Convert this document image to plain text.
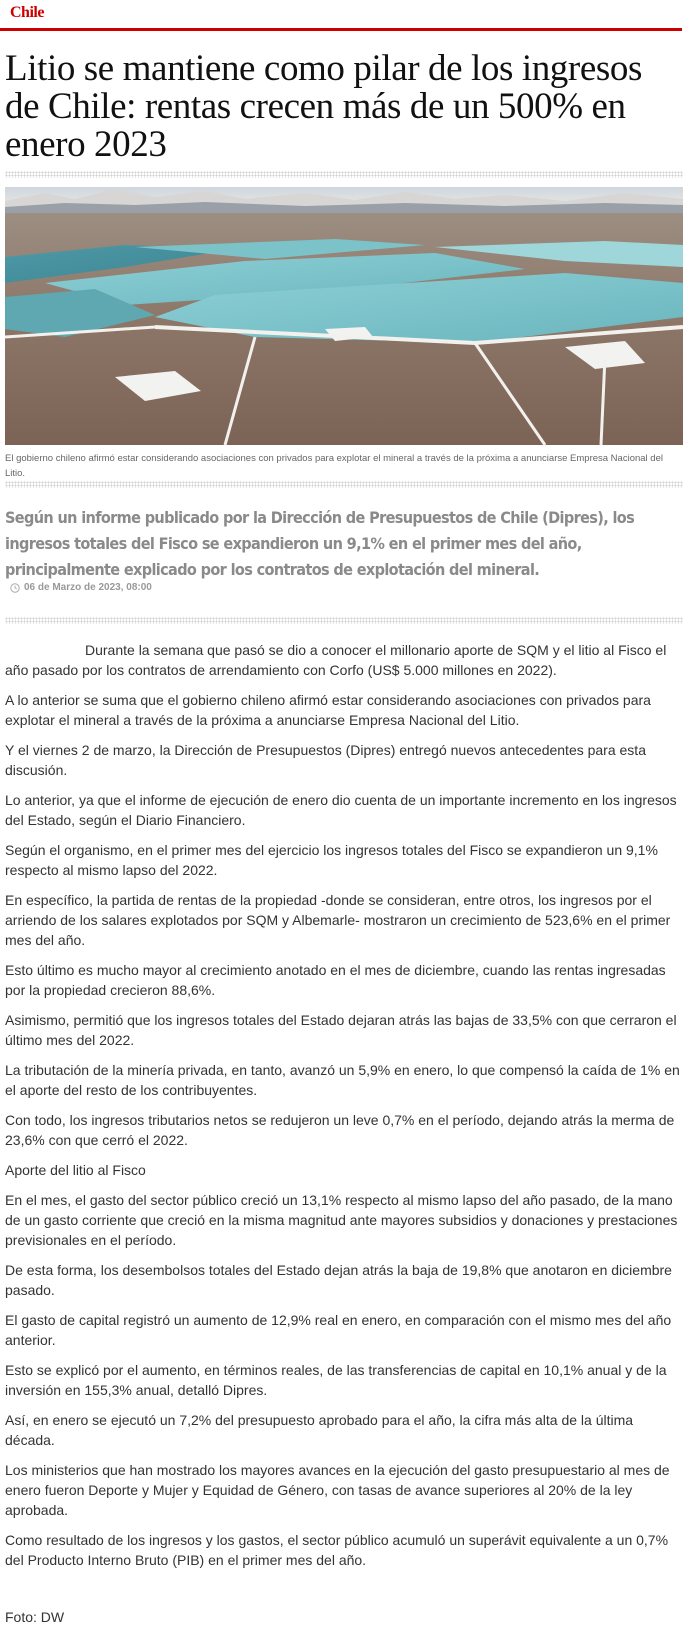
Chile
Litio se mantiene como pilar de los ingresos de Chile: rentas crecen más de un 500% en enero 2023

El gobierno chileno afirmó estar considerando asociaciones con privados para explotar el mineral a través de la próxima a anunciarse Empresa Nacional del Litio.

Según un informe publicado por la Dirección de Presupuestos de Chile (Dipres), los ingresos totales del Fisco se expandieron un 9,1% en el primer mes del año, principalmente explicado por los contratos de explotación del mineral.

06 de Marzo de 2023, 08:00

Durante la semana que pasó se dio a conocer el millonario aporte de SQM y el litio al Fisco el año pasado por los contratos de arrendamiento con Corfo (US$ 5.000 millones en 2022).

A lo anterior se suma que el gobierno chileno afirmó estar considerando asociaciones con privados para explotar el mineral a través de la próxima a anunciarse Empresa Nacional del Litio.

Y el viernes 2 de marzo, la Dirección de Presupuestos (Dipres) entregó nuevos antecedentes para esta discusión.

Lo anterior, ya que el informe de ejecución de enero dio cuenta de un importante incremento en los ingresos del Estado, según el Diario Financiero.

Según el organismo, en el primer mes del ejercicio los ingresos totales del Fisco se expandieron un 9,1% respecto al mismo lapso del 2022.

En específico, la partida de rentas de la propiedad -donde se consideran, entre otros, los ingresos por el arriendo de los salares explotados por SQM y Albemarle- mostraron un crecimiento de 523,6% en el primer mes del año.

Esto último es mucho mayor al crecimiento anotado en el mes de diciembre, cuando las rentas ingresadas por la propiedad crecieron 88,6%.

Asimismo, permitió que los ingresos totales del Estado dejaran atrás las bajas de 33,5% con que cerraron el último mes del 2022.

La tributación de la minería privada, en tanto, avanzó un 5,9% en enero, lo que compensó la caída de 1% en el aporte del resto de los contribuyentes.

Con todo, los ingresos tributarios netos se redujeron un leve 0,7% en el período, dejando atrás la merma de 23,6% con que cerró el 2022.

Aporte del litio al Fisco

En el mes, el gasto del sector público creció un 13,1% respecto al mismo lapso del año pasado, de la mano de un gasto corriente que creció en la misma magnitud ante mayores subsidios y donaciones y prestaciones previsionales en el período.

De esta forma, los desembolsos totales del Estado dejan atrás la baja de 19,8% que anotaron en diciembre pasado.

El gasto de capital registró un aumento de 12,9% real en enero, en comparación con el mismo mes del año anterior.

Esto se explicó por el aumento, en términos reales, de las transferencias de capital en 10,1% anual y de la inversión en 155,3% anual, detalló Dipres.

Así, en enero se ejecutó un 7,2% del presupuesto aprobado para el año, la cifra más alta de la última década.

Los ministerios que han mostrado los mayores avances en la ejecución del gasto presupuestario al mes de enero fueron Deporte y Mujer y Equidad de Género, con tasas de avance superiores al 20% de la ley aprobada.

Como resultado de los ingresos y los gastos, el sector público acumuló un superávit equivalente a un 0,7% del Producto Interno Bruto (PIB) en el primer mes del año.

Foto: DW
